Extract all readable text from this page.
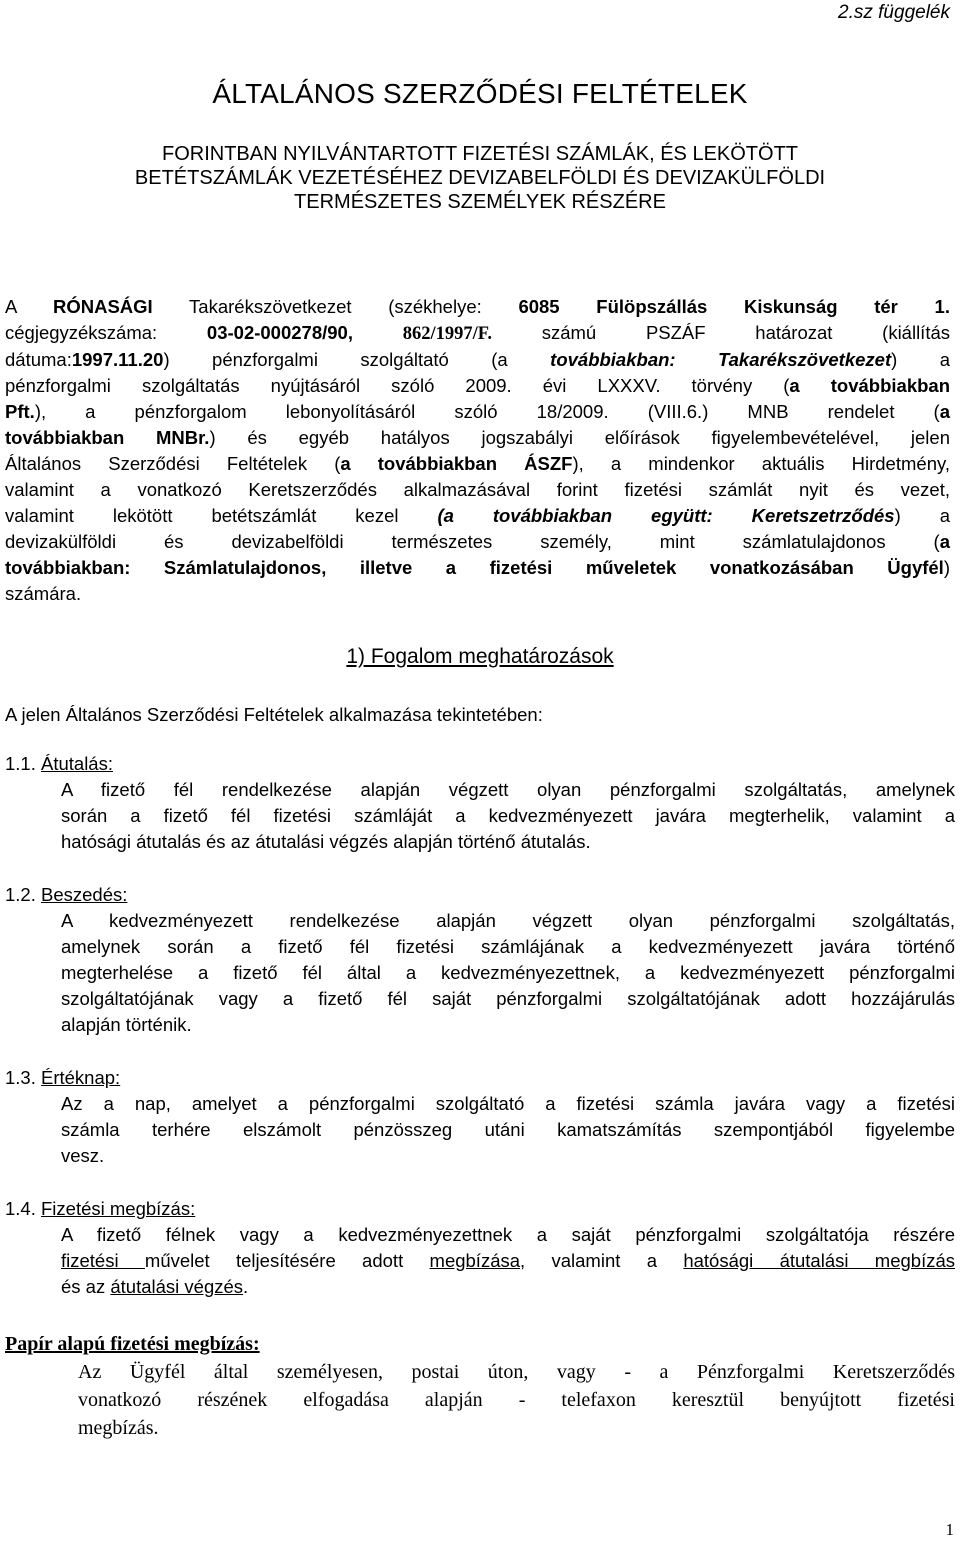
2.sz függelék
ÁLTALÁNOS SZERZŐDÉSI FELTÉTELEK
FORINTBAN NYILVÁNTARTOTT FIZETÉSI SZÁMLÁK, ÉS LEKÖTÖTT
BETÉTSZÁMLÁK VEZETÉSÉHEZ DEVIZABELFÖLDI ÉS DEVIZAKÜLFÖLDI
TERMÉSZETES SZEMÉLYEK RÉSZÉRE
A RÓNASÁGI Takarékszövetkezet (székhelye: 6085 Fülöpszállás Kiskunság tér 1.
cégjegyzékszáma: 03-02-000278/90,	862/1997/F. számú PSZÁF határozat (kiállítás
dátuma:1997.11.20) pénzforgalmi szolgáltató (a továbbiakban: Takarékszövetkezet) a
pénzforgalmi szolgáltatás nyújtásáról szóló 2009. évi LXXXV. törvény (a továbbiakban
Pft.), a pénzforgalom lebonyolításáról szóló 18/2009. (VIII.6.) MNB rendelet (a
továbbiakban MNBr.) és egyéb hatályos jogszabályi előírások figyelembevételével, jelen
Általános Szerződési Feltételek (a továbbiakban ÁSZF), a mindenkor aktuális Hirdetmény,
valamint a vonatkozó Keretszerződés alkalmazásával forint fizetési számlát nyit és vezet,
valamint lekötött betétszámlát kezel (a továbbiakban együtt: Keretszetrződés) a
devizakülföldi és devizabelföldi természetes személy, mint számlatulajdonos (a
továbbiakban: Számlatulajdonos, illetve a fizetési műveletek vonatkozásában Ügyfél)
számára.
1) Fogalom meghatározások
A jelen Általános Szerződési Feltételek alkalmazása tekintetében:
1.1. Átutalás:
A fizető fél rendelkezése alapján végzett olyan pénzforgalmi szolgáltatás, amelynek
során a fizető fél fizetési számláját a kedvezményezett javára megterhelik, valamint a
hatósági átutalás és az átutalási végzés alapján történő átutalás.
1.2. Beszedés:
A kedvezményezett rendelkezése alapján végzett olyan pénzforgalmi szolgáltatás,
amelynek során a fizető fél fizetési számlájának a kedvezményezett javára történő
megterhelése a fizető fél által a kedvezményezettnek, a kedvezményezett pénzforgalmi
szolgáltatójának vagy a fizető fél saját pénzforgalmi szolgáltatójának adott hozzájárulás
alapján történik.
1.3. Értéknap:
Az a nap, amelyet a pénzforgalmi szolgáltató a fizetési számla javára vagy a fizetési
számla terhére elszámolt pénzösszeg utáni kamatszámítás szempontjából figyelembe
vesz.
1.4. Fizetési megbízás:
A fizető félnek vagy a kedvezményezettnek a saját pénzforgalmi szolgáltatója részére
fizetési művelet teljesítésére adott megbízása, valamint a hatósági átutalási megbízás
és az átutalási végzés.
Papír alapú fizetési megbízás:
Az Ügyfél által személyesen, postai úton, vagy - a Pénzforgalmi Keretszerződés
vonatkozó részének elfogadása alapján - telefaxon keresztül benyújtott fizetési
megbízás.
1
